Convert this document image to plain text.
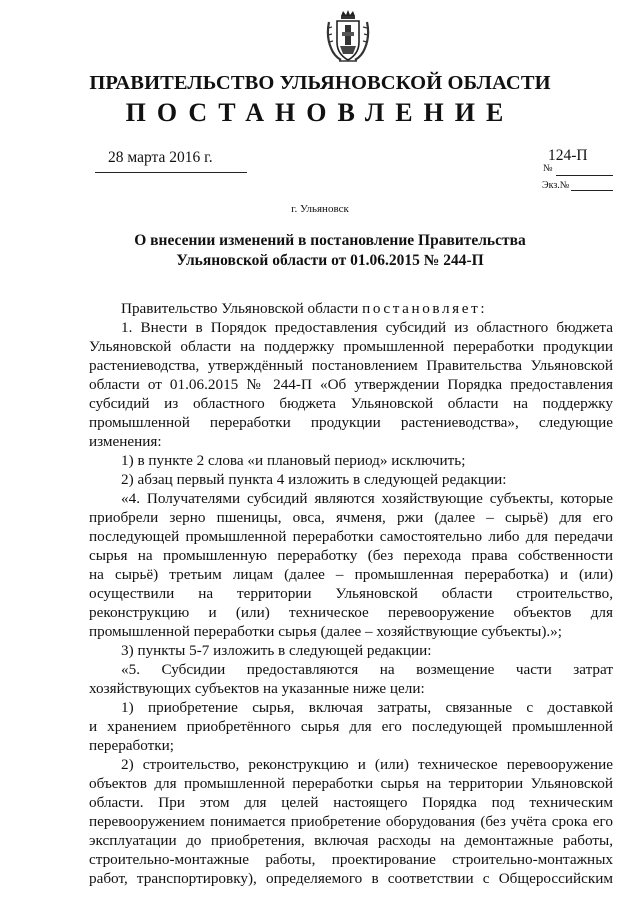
ПРАВИТЕЛЬСТВО УЛЬЯНОВСКОЙ ОБЛАСТИ
ПОСТАНОВЛЕНИЕ
28 марта 2016 г.	124-П
№
Экз.№
г. Ульяновск
О внесении изменений в постановление Правительства
Ульяновской области от 01.06.2015 № 244-П
Правительство Ульяновской области постановляет:
1. Внести в Порядок предоставления субсидий из областного бюджета
Ульяновской области на поддержку промышленной переработки продукции
растениеводства, утверждённый постановлением Правительства Ульяновской
области от 01.06.2015 № 244-П «Об утверждении Порядка предоставления
субсидий из областного бюджета Ульяновской области на поддержку
промышленной переработки продукции растениеводства», следующие
изменения:
1) в пункте 2 слова «и плановый период» исключить;
2) абзац первый пункта 4 изложить в следующей редакции:
«4. Получателями субсидий являются хозяйствующие субъекты, которые
приобрели зерно пшеницы, овса, ячменя, ржи (далее – сырьё) для его
последующей промышленной переработки самостоятельно либо для передачи
сырья на промышленную переработку (без перехода права собственности
на сырьё) третьим лицам (далее – промышленная переработка) и (или)
осуществили на территории Ульяновской области строительство,
реконструкцию и (или) техническое перевооружение объектов для
промышленной переработки сырья (далее – хозяйствующие субъекты).»;
3) пункты 5-7 изложить в следующей редакции:
«5. Субсидии предоставляются на возмещение части затрат
хозяйствующих субъектов на указанные ниже цели:
1) приобретение сырья, включая затраты, связанные с доставкой
и хранением приобретённого сырья для его последующей промышленной
переработки;
2) строительство, реконструкцию и (или) техническое перевооружение
объектов для промышленной переработки сырья на территории Ульяновской
области. При этом для целей настоящего Порядка под техническим
перевооружением понимается приобретение оборудования (без учёта срока его
эксплуатации до приобретения, включая расходы на демонтажные работы,
строительно-монтажные работы, проектирование строительно-монтажных
работ, транспортировку), определяемого в соответствии с Общероссийским
